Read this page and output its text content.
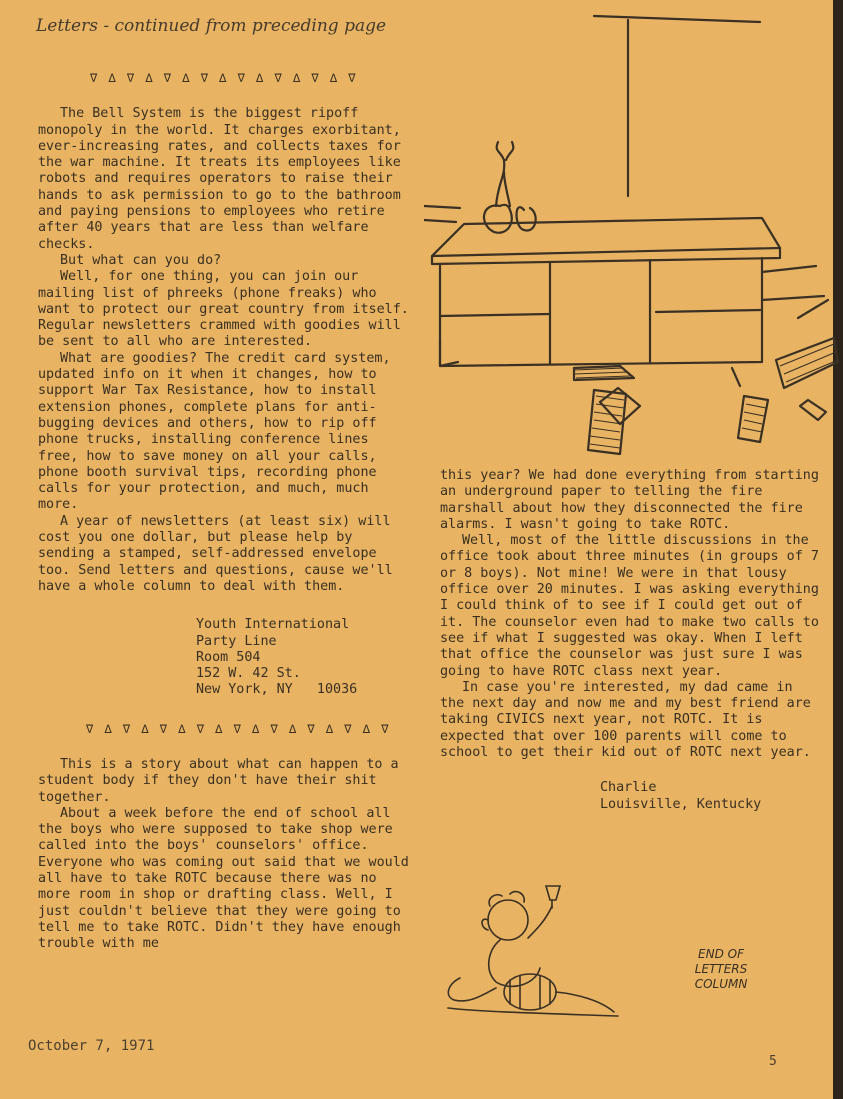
Letters - continued from preceding page
∇ ∆ ∇ ∆ ∇ ∆ ∇ ∆ ∇ ∆ ∇ ∆ ∇ ∆ ∇

The Bell System is the biggest ripoff monopoly in the world. It charges exorbitant, ever-increasing rates, and collects taxes for the war machine. It treats its employees like robots and requires operators to raise their hands to ask permission to go to the bathroom and paying pensions to employees who retire after 40 years that are less than welfare checks.

But what can you do?

Well, for one thing, you can join our mailing list of phreeks (phone freaks) who want to protect our great country from itself. Regular newsletters crammed with goodies will be sent to all who are interested.

What are goodies? The credit card system, updated info on it when it changes, how to support War Tax Resistance, how to install extension phones, complete plans for anti-bugging devices and others, how to rip off phone trucks, installing conference lines free, how to save money on all your calls, phone booth survival tips, recording phone calls for your protection, and much, much more.

A year of newsletters (at least six) will cost you one dollar, but please help by sending a stamped, self-addressed envelope too. Send letters and questions, cause we'll have a whole column to deal with them.

Youth International
Party Line
Room 504
152 W. 42 St.
New York, NY   10036
∇ ∆ ∇ ∆ ∇ ∆ ∇ ∆ ∇ ∆ ∇ ∆ ∇ ∆ ∇ ∆ ∇

This is a story about what can happen to a student body if they don't have their shit together.

About a week before the end of school all the boys who were supposed to take shop were called into the boys' counselors' office. Everyone who was coming out said that we would all have to take ROTC because there was no more room in shop or drafting class. Well, I just couldn't believe that they were going to tell me to take ROTC. Didn't they have enough trouble with me

this year? We had done everything from starting an underground paper to telling the fire marshall about how they disconnected the fire alarms. I wasn't going to take ROTC.

Well, most of the little discussions in the office took about three minutes (in groups of 7 or 8 boys). Not mine! We were in that lousy office over 20 minutes. I was asking everything I could think of to see if I could get out of it. The counselor even had to make two calls to see if what I suggested was okay. When I left that office the counselor was just sure I was going to have ROTC class next year.

In case you're interested, my dad came in the next day and now me and my best friend are taking CIVICS next year, not ROTC. It is expected that over 100 parents will come to school to get their kid out of ROTC next year.

Charlie
Louisville, Kentucky
END OF
LETTERS
COLUMN
October 7, 1971
5
